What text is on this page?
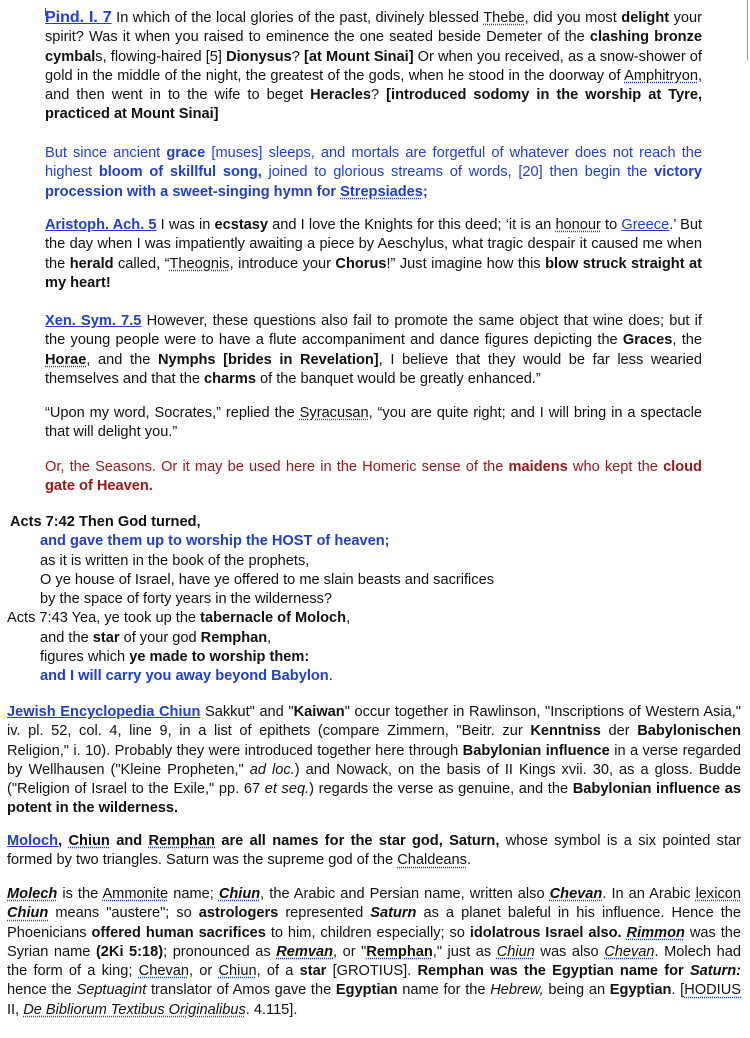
Pind. I. 7 In which of the local glories of the past, divinely blessed Thebe, did you most delight your spirit? Was it when you raised to eminence the one seated beside Demeter of the clashing bronze cymbals, flowing-haired [5] Dionysus? [at Mount Sinai] Or when you received, as a snow-shower of gold in the middle of the night, the greatest of the gods, when he stood in the doorway of Amphitryon, and then went in to the wife to beget Heracles? [introduced sodomy in the worship at Tyre, practiced at Mount Sinai]

But since ancient grace [muses] sleeps, and mortals are forgetful of whatever does not reach the highest bloom of skillful song, joined to glorious streams of words, [20] then begin the victory procession with a sweet-singing hymn for Strepsiades;

Aristoph. Ach. 5 I was in ecstasy and I love the Knights for this deed; ‘it is an honour to Greece.’ But the day when I was impatiently awaiting a piece by Aeschylus, what tragic despair it caused me when the herald called, “Theognis, introduce your Chorus!” Just imagine how this blow struck straight at my heart!

Xen. Sym. 7.5 However, these questions also fail to promote the same object that wine does; but if the young people were to have a flute accompaniment and dance figures depicting the Graces, the Horae, and the Nymphs [brides in Revelation], I believe that they would be far less wearied themselves and that the charms of the banquet would be greatly enhanced.”

“Upon my word, Socrates,” replied the Syracusan, “you are quite right; and I will bring in a spectacle that will delight you.”

Or, the Seasons. Or it may be used here in the Homeric sense of the maidens who kept the cloud gate of Heaven.

Acts 7:42 Then God turned,

and gave them up to worship the HOST of heaven;

as it is written in the book of the prophets,

O ye house of Israel, have ye offered to me slain beasts and sacrifices

by the space of forty years in the wilderness?

Acts 7:43 Yea, ye took up the tabernacle of Moloch,

and the star of your god Remphan,

figures which ye made to worship them:

and I will carry you away beyond Babylon.

Jewish Encyclopedia Chiun Sakkut" and "Kaiwan" occur together in Rawlinson, "Inscriptions of Western Asia," iv. pl. 52, col. 4, line 9, in a list of epithets (compare Zimmern, "Beitr. zur Kenntniss der Babylonischen Religion," i. 10). Probably they were introduced together here through Babylonian influence in a verse regarded by Wellhausen ("Kleine Propheten," ad loc.) and Nowack, on the basis of II Kings xvii. 30, as a gloss. Budde ("Religion of Israel to the Exile," pp. 67 et seq.) regards the verse as genuine, and the Babylonian influence as potent in the wilderness.

Moloch, Chiun and Remphan are all names for the star god, Saturn, whose symbol is a six pointed star formed by two triangles. Saturn was the supreme god of the Chaldeans.

Molech is the Ammonite name; Chiun, the Arabic and Persian name, written also Chevan. In an Arabic lexicon Chiun means "austere"; so astrologers represented Saturn as a planet baleful in his influence. Hence the Phoenicians offered human sacrifices to him, children especially; so idolatrous Israel also. Rimmon was the Syrian name (2Ki 5:18); pronounced as Remvan, or "Remphan," just as Chiun was also Chevan. Molech had the form of a king; Chevan, or Chiun, of a star [GROTIUS]. Remphan was the Egyptian name for Saturn: hence the Septuagint translator of Amos gave the Egyptian name for the Hebrew, being an Egyptian. [HODIUS II, De Bibliorum Textibus Originalibus. 4.115].
